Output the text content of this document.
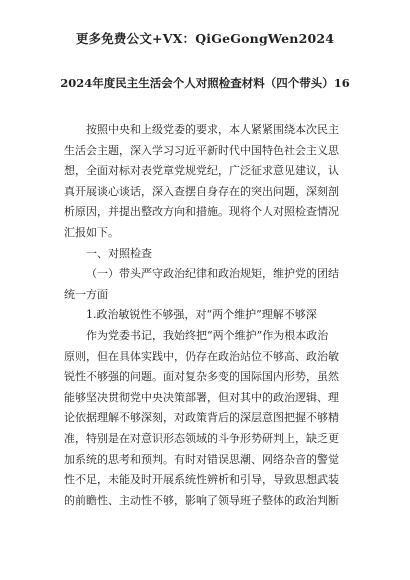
更多免费公文+VX：QiGeGongWen2024
2024年度民主生活会个人对照检查材料（四个带头）16
按照中央和上级党委的要求，本人紧紧围绕本次民主
生活会主题，深入学习习近平新时代中国特色社会主义思
想，全面对标对表党章党规党纪，广泛征求意见建议，认
真开展谈心谈话，深入查摆自身存在的突出问题，深刻剖
析原因，并提出整改方向和措施。现将个人对照检查情况
汇报如下。
一、对照检查
（一）带头严守政治纪律和政治规矩，维护党的团结
统一方面
1.政治敏锐性不够强，对“两个维护”理解不够深
作为党委书记，我始终把“两个维护”作为根本政治
原则，但在具体实践中，仍存在政治站位不够高、政治敏
锐性不够强的问题。面对复杂多变的国际国内形势，虽然
能够坚决贯彻党中央决策部署，但对其中的政治逻辑、理
论依据理解不够深刻，对政策背后的深层意图把握不够精
准，特别是在对意识形态领域的斗争形势研判上，缺乏更
加系统的思考和预判。有时对错误思潮、网络杂音的警觉
性不足，未能及时开展系统性辨析和引导，导致思想武装
的前瞻性、主动性不够，影响了领导班子整体的政治判断
